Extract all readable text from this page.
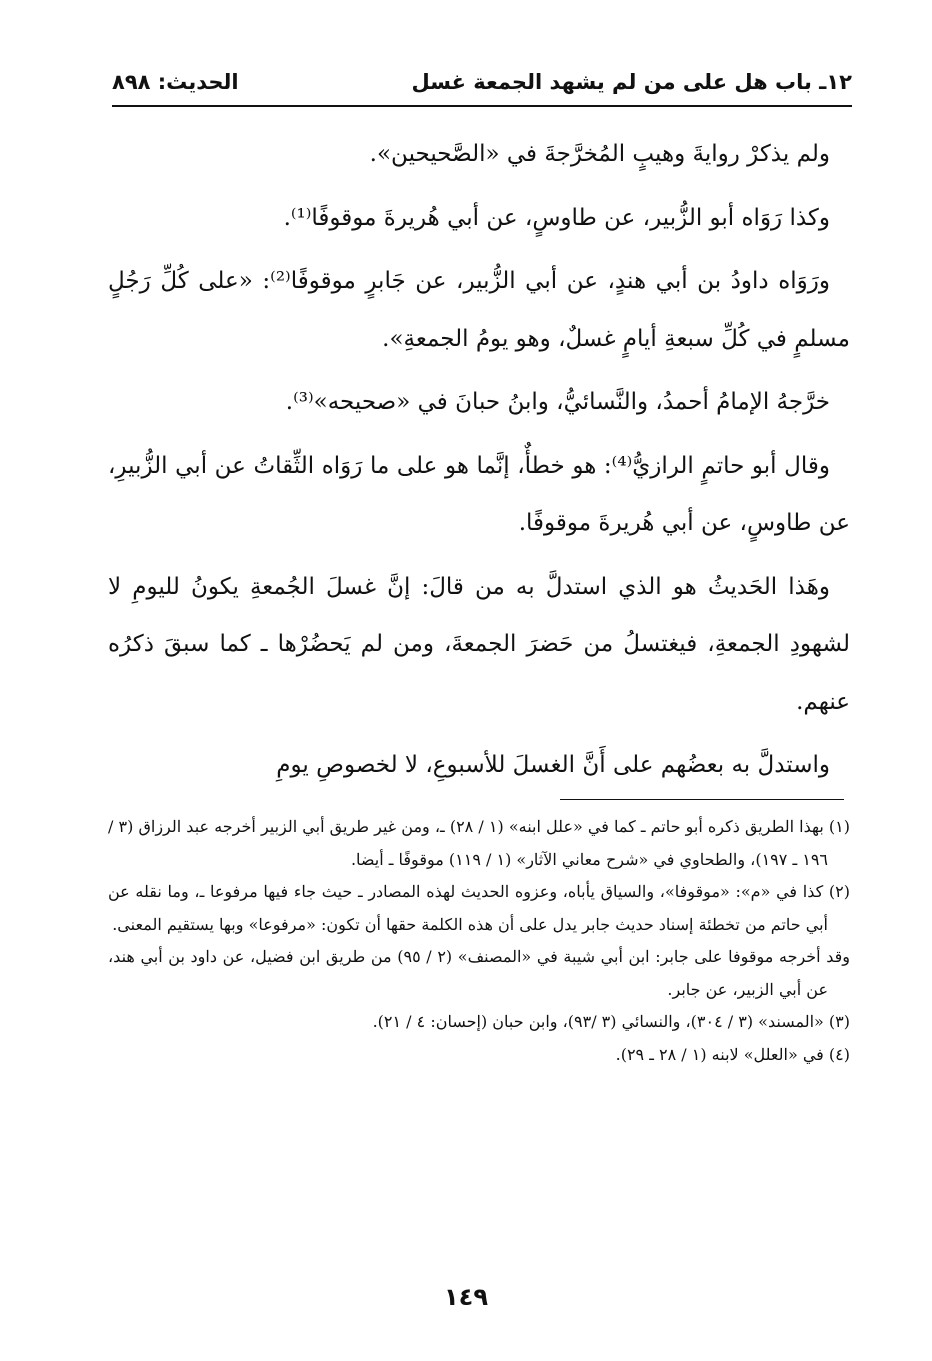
١٢ـ باب هل على من لم يشهد الجمعة غسل
الحديث: ٨٩٨

ولم يذكرْ روايةَ وهيبٍ المُخرَّجةَ في «الصَّحيحين».

وكذا رَوَاه أبو الزُّبير، عن طاوسٍ، عن أبي هُريرةَ موقوفًا⁽¹⁾.

ورَوَاه داودُ بن أبي هندٍ، عن أبي الزُّبير، عن جَابرٍ موقوفًا⁽²⁾: «على كُلِّ رَجُلٍ مسلمٍ في كُلِّ سبعةِ أيامٍ غسلٌ، وهو يومُ الجمعةِ».

خرَّجهُ الإمامُ أحمدُ، والنَّسائيُّ، وابنُ حبانَ في «صحيحه»⁽³⁾.

وقال أبو حاتمٍ الرازيُّ⁽⁴⁾: هو خطأٌ، إنَّما هو على ما رَوَاه الثِّقاتُ عن أبي الزُّبيرِ، عن طاوسٍ، عن أبي هُريرةَ موقوفًا.

وهَذا الحَديثُ هو الذي استدلَّ به من قالَ: إنَّ غسلَ الجُمعةِ يكونُ لليومِ لا لشهودِ الجمعةِ، فيغتسلُ من حَضرَ الجمعةَ، ومن لم يَحضُرْها ـ كما سبقَ ذكرُه عنهم.

واستدلَّ به بعضُهم على أَنَّ الغسلَ للأسبوعِ، لا لخصوصِ يومِ

(١) بهذا الطريق ذكره أبو حاتم ـ كما في «علل ابنه» (١ / ٢٨) ـ، ومن غير طريق أبي الزبير أخرجه عبد الرزاق (٣ / ١٩٦ ـ ١٩٧)، والطحاوي في «شرح معاني الآثار» (١ / ١١٩) موقوفًا ـ أيضا.

(٢) كذا في «م»: «موقوفا»، والسياق يأباه، وعزوه الحديث لهذه المصادر ـ حيث جاء فيها مرفوعا ـ، وما نقله عن أبي حاتم من تخطئة إسناد حديث جابر يدل على أن هذه الكلمة حقها أن تكون: «مرفوعا» وبها يستقيم المعنى.

وقد أخرجه موقوفا على جابر: ابن أبي شيبة في «المصنف» (٢ / ٩٥) من طريق ابن فضيل، عن داود بن أبي هند، عن أبي الزبير، عن جابر.

(٣) «المسند» (٣ / ٣٠٤)، والنسائي (٣ /٩٣)، وابن حبان (إحسان: ٤ / ٢١).

(٤) في «العلل» لابنه (١ / ٢٨ ـ ٢٩).

١٤٩
